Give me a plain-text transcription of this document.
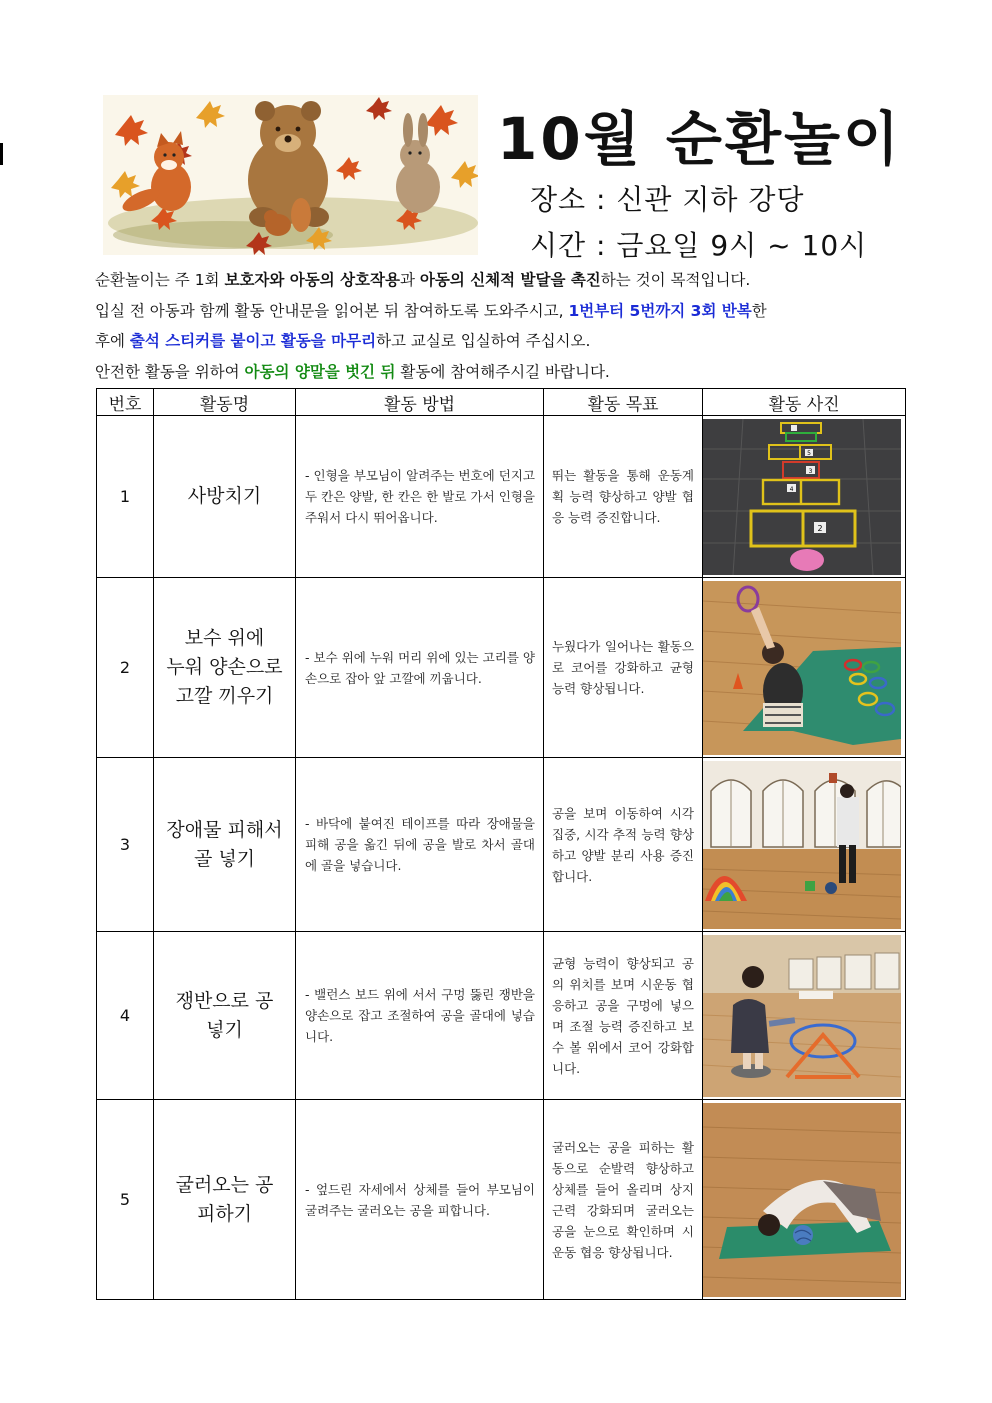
10월 순환놀이
장소 : 신관 지하 강당
시간 : 금요일 9시 ~ 10시
순환놀이는 주 1회 보호자와 아동의 상호작용과 아동의 신체적 발달을 촉진하는 것이 목적입니다.
입실 전 아동과 함께 활동 안내문을 읽어본 뒤 참여하도록 도와주시고, 1번부터 5번까지 3회 반복한
후에 출석 스티커를 붙이고 활동을 마무리하고 교실로 입실하여 주십시오.
안전한 활동을 위하여 아동의 양말을 벗긴 뒤 활동에 참여해주시길 바랍니다.
번호	활동명	활동 방법	활동 목표	활동 사진
1	사방치기	- 인형을 부모님이 알려주는 번호에 던지고 두 칸은 양발, 한 칸은 한 발로 가서 인형을 주워서 다시 뛰어옵니다.	뛰는 활동을 통해 운동계획 능력 향상하고 양발 협응 능력 증진합니다.	5
4
3
2

2	보수 위에
누워 양손으로
고깔 끼우기	- 보수 위에 누워 머리 위에 있는 고리를 양손으로 잡아 앞 고깔에 끼웁니다.	누웠다가 일어나는 활동으로 코어를 강화하고 균형 능력 향상됩니다.

3	장애물 피해서
골 넣기	- 바닥에 붙여진 테이프를 따라 장애물을 피해 공을 옮긴 뒤에 공을 발로 차서 골대에 골을 넣습니다.	공을 보며 이동하여 시각 집중, 시각 추적 능력 향상하고 양발 분리 사용 증진합니다.

4	쟁반으로 공
넣기	- 밸런스 보드 위에 서서 구멍 뚫린 쟁반을 양손으로 잡고 조절하여 공을 골대에 넣습니다.	균형 능력이 향상되고 공의 위치를 보며 시운동 협응하고 공을 구멍에 넣으며 조절 능력 증진하고 보수 볼 위에서 코어 강화합니다.

5	굴러오는 공
피하기	- 엎드린 자세에서 상체를 들어 부모님이 굴려주는 굴러오는 공을 피합니다.	굴러오는 공을 피하는 활동으로 순발력 향상하고 상체를 들어 올리며 상지 근력 강화되며 굴러오는 공을 눈으로 확인하며 시운동 협응 향상됩니다.
